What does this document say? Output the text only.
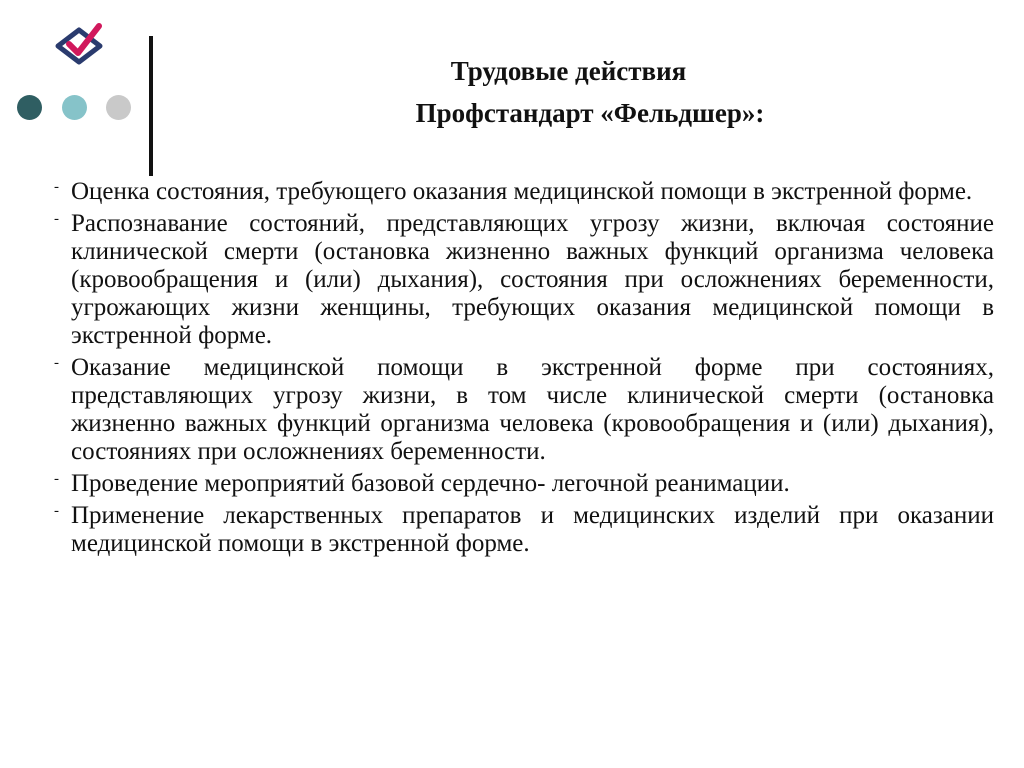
Трудовые действия
Профстандарт «Фельдшер»:
- Оценка состояния, требующего оказания медицинской помощи в экстренной форме.
- Распознавание состояний, представляющих угрозу жизни, включая состояние клинической смерти (остановка жизненно важных функций организма человека (кровообращения и (или) дыхания), состояния при осложнениях беременности, угрожающих жизни женщины, требующих оказания медицинской помощи в экстренной форме.
- Оказание медицинской помощи в экстренной форме при состояниях, представляющих угрозу жизни, в том числе клинической смерти (остановка жизненно важных функций организма человека (кровообращения и (или) дыхания), состояниях при осложнениях беременности.
- Проведение мероприятий базовой сердечно- легочной реанимации.
- Применение лекарственных препаратов и медицинских изделий при оказании медицинской помощи в экстренной форме.
